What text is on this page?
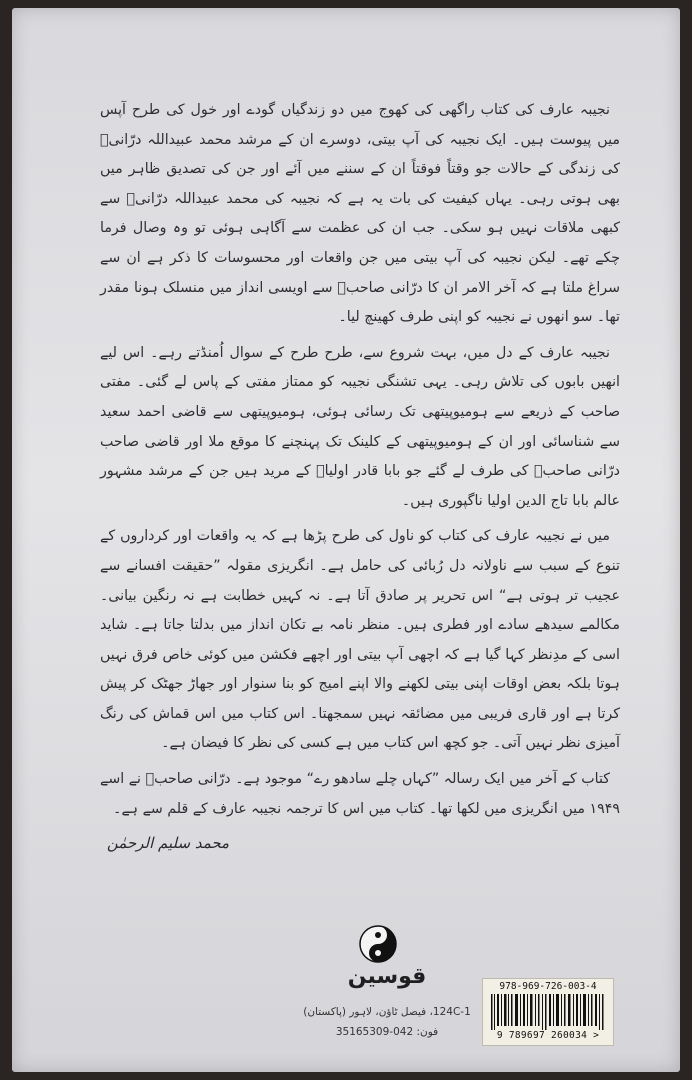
نجیبہ عارف کی کتاب راگھی کی کھوج میں دو زندگیاں گودے اور خول کی طرح آپس میں پیوست ہیں۔ ایک نجیبہ کی آپ بیتی، دوسرے ان کے مرشد محمد عبیداللہ درّانیؒ کی زندگی کے حالات جو وقتاً فوقتاً ان کے سننے میں آئے اور جن کی تصدیق ظاہر میں بھی ہوتی رہی۔ یہاں کیفیت کی بات یہ ہے کہ نجیبہ کی محمد عبیداللہ درّانیؒ سے کبھی ملاقات نہیں ہو سکی۔ جب ان کی عظمت سے آگاہی ہوئی تو وہ وصال فرما چکے تھے۔ لیکن نجیبہ کی آپ بیتی میں جن واقعات اور محسوسات کا ذکر ہے ان سے سراغ ملتا ہے کہ آخر الامر ان کا درّانی صاحبؒ سے اویسی انداز میں منسلک ہونا مقدر تھا۔ سو انھوں نے نجیبہ کو اپنی طرف کھینچ لیا۔

نجیبہ عارف کے دل میں، بہت شروع سے، طرح طرح کے سوال اُمنڈتے رہے۔ اس لیے انھیں بابوں کی تلاش رہی۔ یہی تشنگی نجیبہ کو ممتاز مفتی کے پاس لے گئی۔ مفتی صاحب کے ذریعے سے ہومیوپیتھی تک رسائی ہوئی، ہومیوپیتھی سے قاضی احمد سعید سے شناسائی اور ان کے ہومیوپیتھی کے کلینک تک پہنچنے کا موقع ملا اور قاضی صاحب درّانی صاحبؒ کی طرف لے گئے جو بابا قادر اولیاؒ کے مرید ہیں جن کے مرشد مشہور عالم بابا تاج الدین اولیا ناگپوری ہیں۔

میں نے نجیبہ عارف کی کتاب کو ناول کی طرح پڑھا ہے کہ یہ واقعات اور کرداروں کے تنوع کے سبب سے ناولانہ دل رُبائی کی حامل ہے۔ انگریزی مقولہ ”حقیقت افسانے سے عجیب تر ہوتی ہے“ اس تحریر پر صادق آتا ہے۔ نہ کہیں خطابت ہے نہ رنگین بیانی۔ مکالمے سیدھے سادے اور فطری ہیں۔ منظر نامہ بے تکان انداز میں بدلتا جاتا ہے۔ شاید اسی کے مدِنظر کہا گیا ہے کہ اچھی آپ بیتی اور اچھے فکشن میں کوئی خاص فرق نہیں ہوتا بلکہ بعض اوقات اپنی بیتی لکھنے والا اپنے امیج کو بنا سنوار اور جھاڑ جھٹک کر پیش کرتا ہے اور قاری فریبی میں مضائقہ نہیں سمجھتا۔ اس کتاب میں اس قماش کی رنگ آمیزی نظر نہیں آتی۔ جو کچھ اس کتاب میں ہے کسی کی نظر کا فیضان ہے۔

کتاب کے آخر میں ایک رسالہ ”کہاں چلے سادھو رے“ موجود ہے۔ درّانی صاحبؒ نے اسے ۱۹۴۹ میں انگریزی میں لکھا تھا۔ کتاب میں اس کا ترجمہ نجیبہ عارف کے قلم سے ہے۔

محمد سلیم الرحمٰن
قوسین
124C-1، فیصل ٹاؤن، لاہور (پاکستان)
فون: 042-35165309
978-969-726-003-4
9 789697 260034 >
